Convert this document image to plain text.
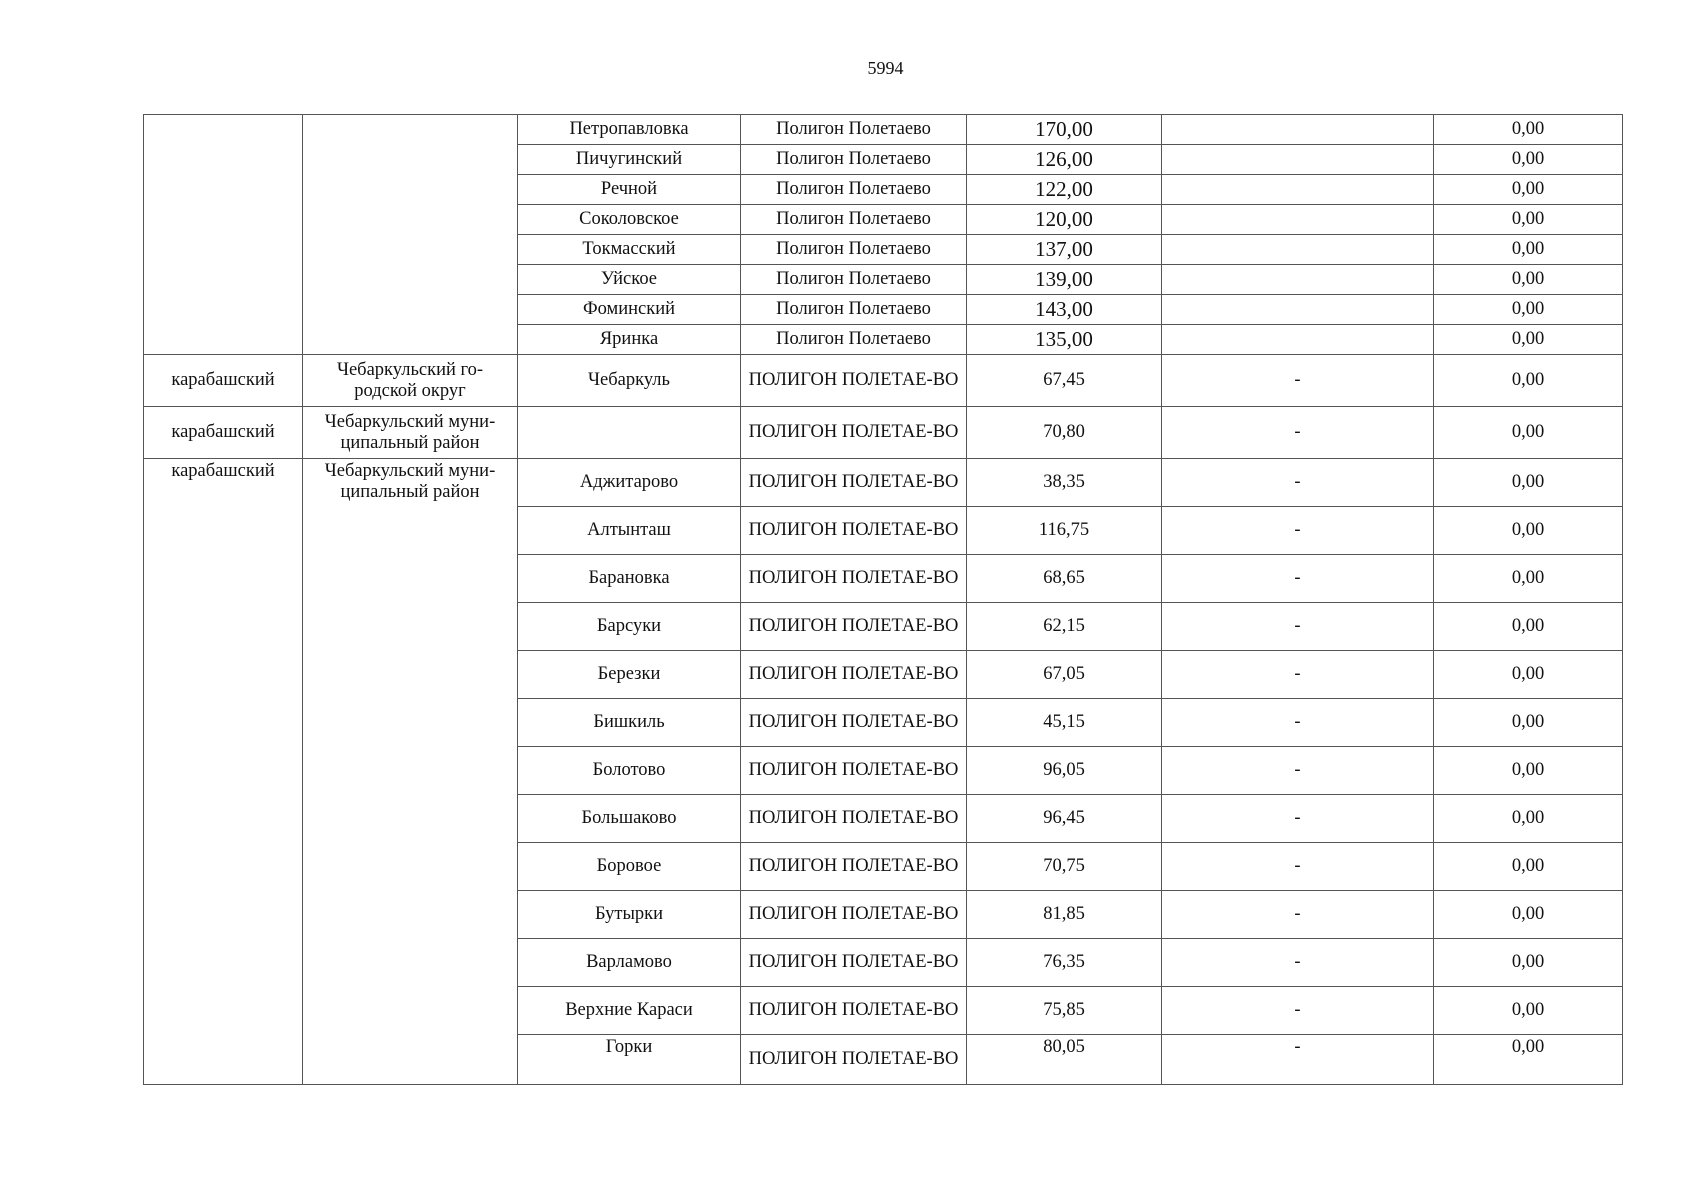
5994
		Петропавловка	Полигон Полетаево	170,00		0,00
		Пичугинский	Полигон Полетаево	126,00		0,00
		Речной	Полигон Полетаево	122,00		0,00
		Соколовское	Полигон Полетаево	120,00		0,00
		Токмасский	Полигон Полетаево	137,00		0,00
		Уйское	Полигон Полетаево	139,00		0,00
		Фоминский	Полигон Полетаево	143,00		0,00
		Яринка	Полигон Полетаево	135,00		0,00
карабашский	Чебаркульский го-родской округ	Чебаркуль	ПОЛИГОН ПОЛЕТАЕ-ВО	67,45	-	0,00
карабашский	Чебаркульский муни-ципальный район		ПОЛИГОН ПОЛЕТАЕ-ВО	70,80	-	0,00
карабашский	Чебаркульский муни-ципальный район	Аджитарово	ПОЛИГОН ПОЛЕТАЕ-ВО	38,35	-	0,00
		Алтынташ	ПОЛИГОН ПОЛЕТАЕ-ВО	116,75	-	0,00
		Барановка	ПОЛИГОН ПОЛЕТАЕ-ВО	68,65	-	0,00
		Барсуки	ПОЛИГОН ПОЛЕТАЕ-ВО	62,15	-	0,00
		Березки	ПОЛИГОН ПОЛЕТАЕ-ВО	67,05	-	0,00
		Бишкиль	ПОЛИГОН ПОЛЕТАЕ-ВО	45,15	-	0,00
		Болотово	ПОЛИГОН ПОЛЕТАЕ-ВО	96,05	-	0,00
		Большаково	ПОЛИГОН ПОЛЕТАЕ-ВО	96,45	-	0,00
		Боровое	ПОЛИГОН ПОЛЕТАЕ-ВО	70,75	-	0,00
		Бутырки	ПОЛИГОН ПОЛЕТАЕ-ВО	81,85	-	0,00
		Варламово	ПОЛИГОН ПОЛЕТАЕ-ВО	76,35	-	0,00
		Верхние Караси	ПОЛИГОН ПОЛЕТАЕ-ВО	75,85	-	0,00
		Горки	ПОЛИГОН ПОЛЕТАЕ-ВО	80,05	-	0,00
